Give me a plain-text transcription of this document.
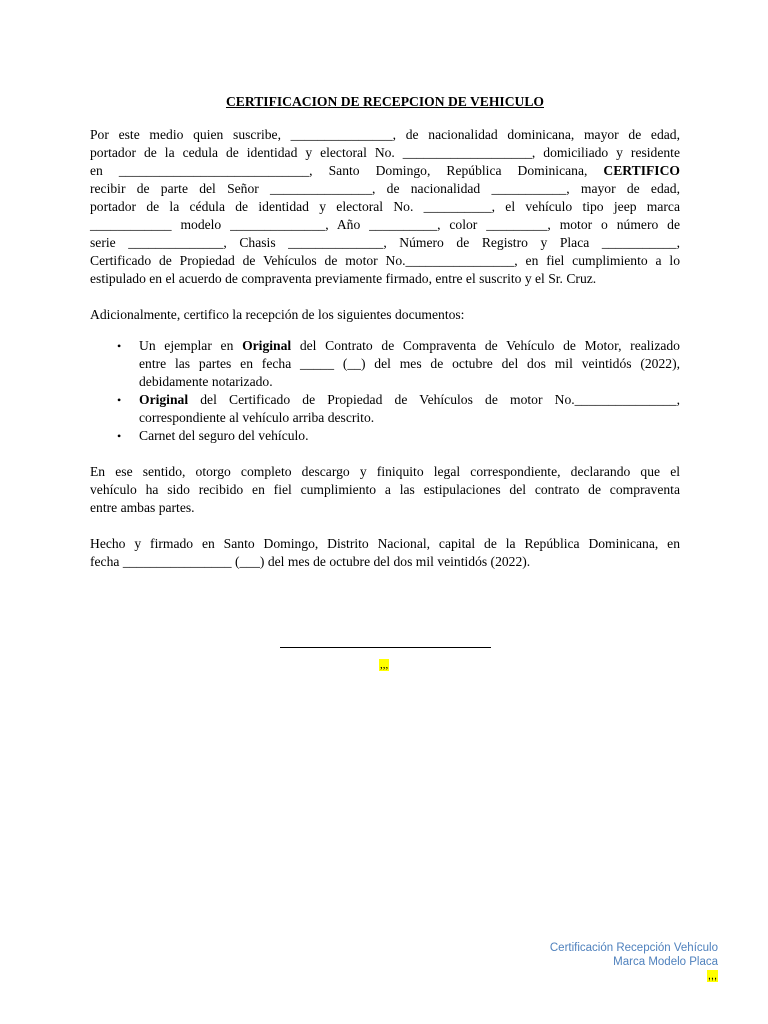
CERTIFICACION DE RECEPCION DE VEHICULO

Por este medio quien suscribe, _______________, de nacionalidad dominicana, mayor de edad,
portador de la cedula de identidad y electoral No. ___________________, domiciliado y residente
en ____________________________, Santo Domingo, República Dominicana, CERTIFICO
recibir de parte del Señor _______________, de nacionalidad ___________, mayor de edad,
portador de la cédula de identidad y electoral No. __________, el vehículo tipo jeep marca
____________ modelo ______________, Año __________, color _________, motor o número de
serie ______________, Chasis ______________, Número de Registro y Placa ___________,
Certificado de Propiedad de Vehículos de motor No.________________, en fiel cumplimiento a lo
estipulado en el acuerdo de compraventa previamente firmado, entre el suscrito y el Sr. Cruz.

Adicionalmente, certifico la recepción de los siguientes documentos:

• Un ejemplar en Original del Contrato de Compraventa de Vehículo de Motor, realizado
entre las partes en fecha _____ (__) del mes de octubre del dos mil veintidós (2022),
debidamente notarizado.
• Original del Certificado de Propiedad de Vehículos de motor No._______________,
correspondiente al vehículo arriba descrito.
• Carnet del seguro del vehículo.

En ese sentido, otorgo completo descargo y finiquito legal correspondiente, declarando que el
vehículo ha sido recibido en fiel cumplimiento a las estipulaciones del contrato de compraventa
entre ambas partes.

Hecho y firmado en Santo Domingo, Distrito Nacional, capital de la República Dominicana, en
fecha ________________ (___) del mes de octubre del dos mil veintidós (2022).

,,,
Certificación Recepción Vehículo
Marca Modelo Placa
,,,
